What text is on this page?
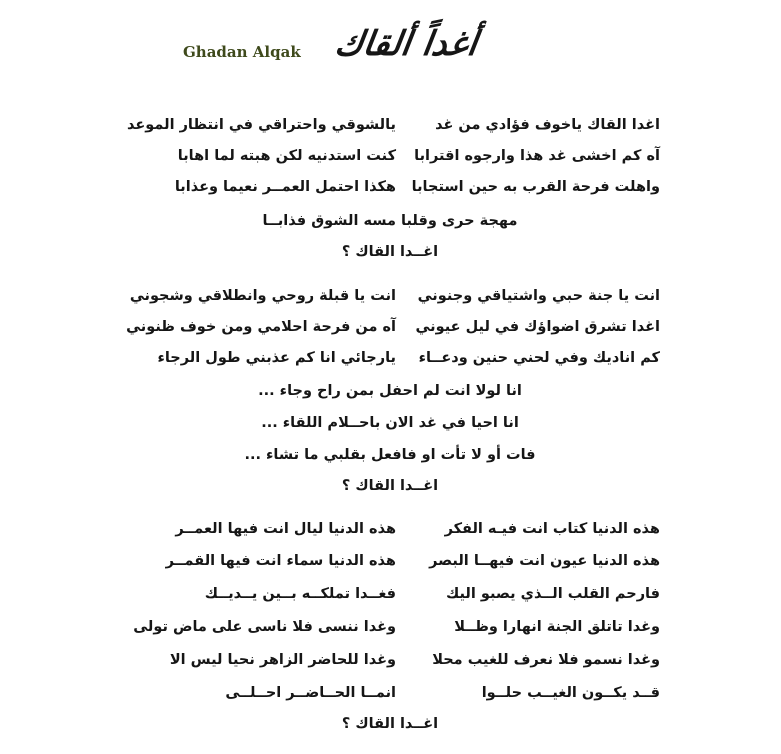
Ghadan Alqak أغداً ألقاك
اغدا القاك ياخوف فؤادي من غد
يالشوقي واحتراقي في انتظار الموعد
آه كم اخشى غد هذا وارجوه اقترابا
كنت استدنيه لكن هبته لما اهابا
واهلت فرحة القرب به حين استجابا
هكذا احتمل العمــر نعيما وعذابا
مهجة حرى وقلبا مسه الشوق فذابــا
اغــدا القاك ؟
انت يا جنة حبي واشتياقي وجنوني
انت يا قبلة روحي وانطلاقي وشجوني
اغدا تشرق اضواؤك في ليل عيوني
آه من فرحة احلامي ومن خوف ظنوني
كم اناديك وفي لحني حنين ودعــاء
يارجائي انا كم عذبني طول الرجاء
انا لولا انت لم احفل بمن راح وجاء ...
انا احيا في غد الان باحــلام اللقاء ...
فات أو لا تأت او فافعل بقلبي ما تشاء ...
اغــدا القاك ؟
هذه الدنيا كتاب انت فيـه الفكر
هذه الدنيا ليال انت فيها العمــر
هذه الدنيا عيون انت فيهــا البصر
هذه الدنيا سماء انت فيها القمــر
فارحم القلب الــذي يصبو اليك
فغــدا تملكــه بــين يــديــك
وغدا تاتلق الجنة انهارا وظــلا
وغدا ننسى فلا ناسى على ماض تولى
وغدا نسمو فلا نعرف للغيب محلا
وغدا للحاضر الزاهر نحيا ليس الا
قــد يكــون الغيــب حلــوا
انمــا الحــاضــر احــلــى
اغــدا القاك ؟
